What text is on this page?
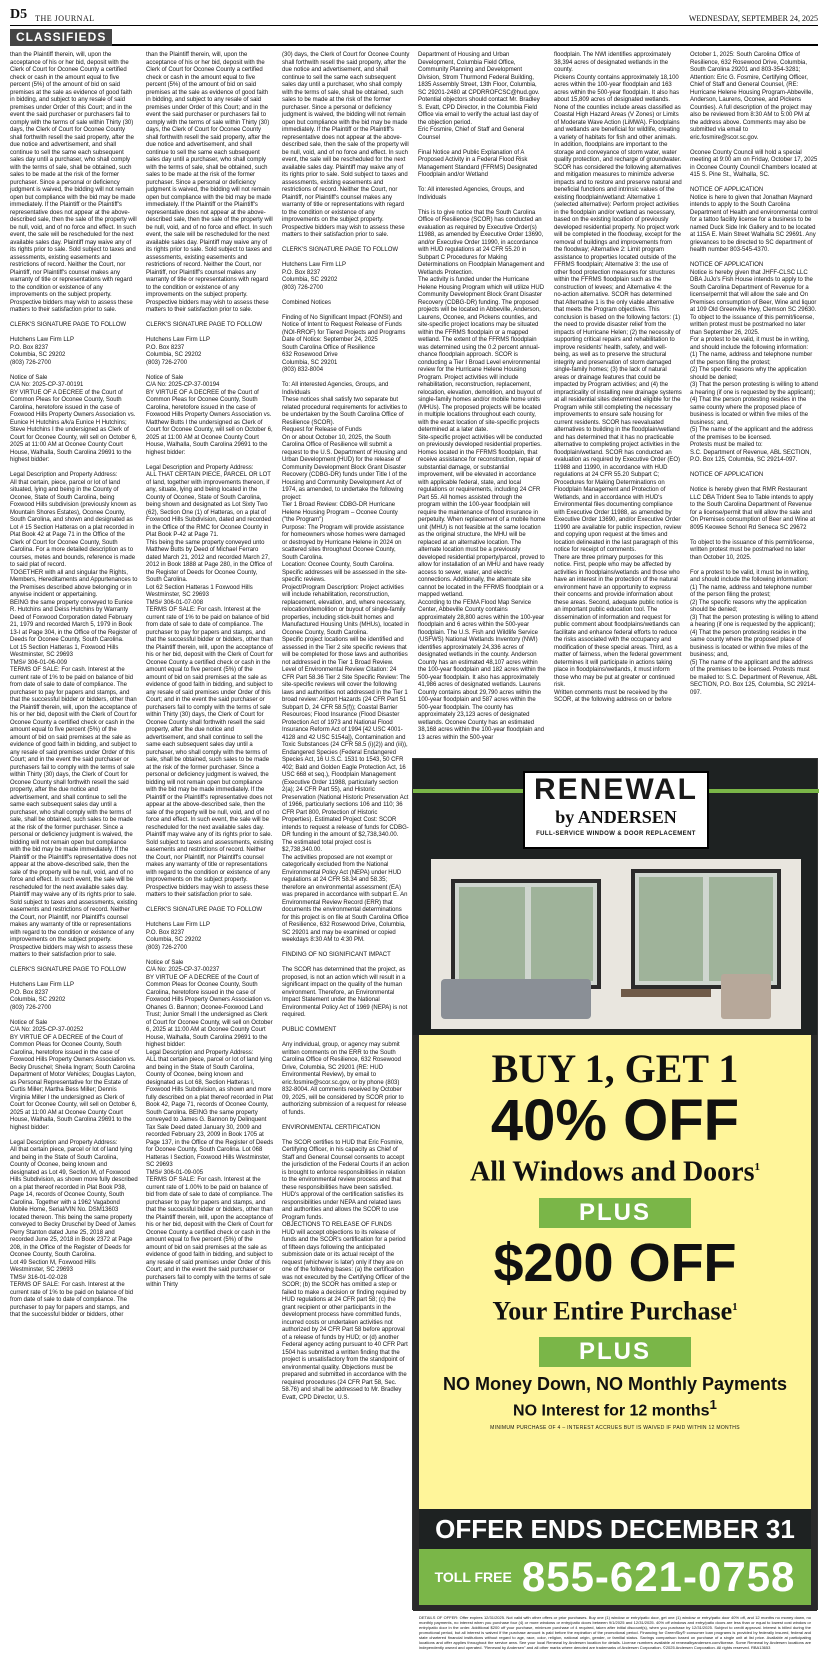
D5 THE JOURNAL	WEDNESDAY, SEPTEMBER 24, 2025
CLASSIFIEDS

than the Plaintiff therein, will, upon the acceptance of his or her bid, deposit with the Clerk of Court for Oconee County a certified check or cash in the amount equal to five percent (5%) of the amount of bid on said premises at the sale as evidence of good faith in bidding, and subject to any resale of said premises under Order of this Court; and in the event the said purchaser or purchasers fail to comply with the terms of sale within Thirty (30) days, the Clerk of Court for Oconee County shall forthwith resell the said property, after the due notice and advertisement, and shall continue to sell the same each subsequent sales day until a purchaser, who shall comply with the terms of sale, shall be obtained, such sales to be made at the risk of the former purchaser. Since a personal or deficiency judgment is waived, the bidding will not remain open but compliance with the bid may be made immediately. If the Plaintiff or the Plaintiff's representative does not appear at the above-described sale, then the sale of the property will be null, void, and of no force and effect. In such event, the sale will be rescheduled for the next available sales day. Plaintiff may waive any of its rights prior to sale. Sold subject to taxes and assessments, existing easements and restrictions of record. Neither the Court, nor Plaintiff, nor Plaintiff's counsel makes any warranty of title or representations with regard to the condition or existence of any improvements on the subject property. Prospective bidders may wish to assess these matters to their satisfaction prior to sale.

CLERK'S SIGNATURE PAGE TO FOLLOW

Hutchens Law Firm LLP
P.O. Box 8237
Columbia, SC 29202
(803) 726-2700

Notice of Sale
C/A No: 2025-CP-37-00191
BY VIRTUE OF A DECREE of the Court of Common Pleas for Oconee County, South Carolina, heretofore issued in the case of Foxwood Hills Property Owners Association vs. Eunice H Hutchins a/k/a Eunice H Hutchins; Steve Hutchins I the undersigned as Clerk of Court for Oconee County, will sell on October 6, 2025 at 11:00 AM at Oconee County Court House, Walhalla, South Carolina 29691 to the highest bidder:

Legal Description and Property Address:
All that certain, piece, parcel or lot of land situated, lying and being in the County of Oconee, State of South Carolina, being Foxwood Hills subdivision (previously known as Mountain Shores Estates), Oconee County, South Carolina, and shown and designated as Lot # 15 Section Hatteras on a plat recorded in Plat Book 42 at Page 71 in the Office of the Clerk of Court for Oconee County, South Carolina. For a more detailed description as to courses, metes and bounds, reference is made to said plat of record.
TOGETHER with all and singular the Rights, Members, Hereditaments and Appurtenances to the Premises described above belonging or in anywise incident or appertaining.
BEING the same property conveyed to Eunice R. Hutchins and Deiss Hutchins by Warranty Deed of Foxwood Corporation dated February 21, 1979 and recorded March 5, 1979 in Book 13-I at Page 304, in the Office of the Register of Deeds for Oconee County, South Carolina.
Lot 15 Section Hatteras 1, Foxwood Hills
Westminster, SC 29693
TMS# 306-01-06-009
TERMS OF SALE: For cash. Interest at the current rate of 1% to be paid on balance of bid from date of sale to date of compliance. The purchaser to pay for papers and stamps, and that the successful bidder or bidders, other than the Plaintiff therein, will, upon the acceptance of his or her bid, deposit with the Clerk of Court for Oconee County a certified check or cash in the amount equal to five percent (5%) of the amount of bid on said premises at the sale as evidence of good faith in bidding, and subject to any resale of said premises under Order of this Court; and in the event the said purchaser or purchasers fail to comply with the terms of sale within Thirty (30) days, the Clerk of Court for Oconee County shall forthwith resell the said property, after the due notice and advertisement, and shall continue to sell the same each subsequent sales day until a purchaser, who shall comply with the terms of sale, shall be obtained, such sales to be made at the risk of the former purchaser. Since a personal or deficiency judgment is waived, the bidding will not remain open but compliance with the bid may be made immediately. If the Plaintiff or the Plaintiff's representative does not appear at the above-described sale, then the sale of the property will be null, void, and of no force and effect. In such event, the sale will be rescheduled for the next available sales day. Plaintiff may waive any of its rights prior to sale. Sold subject to taxes and assessments, existing easements and restrictions of record. Neither the Court, nor Plaintiff, nor Plaintiff's counsel makes any warranty of title or representations with regard to the condition or existence of any improvements on the subject property. Prospective bidders may wish to assess these matters to their satisfaction prior to sale.

CLERK'S SIGNATURE PAGE TO FOLLOW

Hutchens Law Firm LLP
P.O. Box 8237
Columbia, SC 29202
(803) 726-2700

Notice of Sale
C/A No: 2025-CP-37-00252
BY VIRTUE OF A DECREE of the Court of Common Pleas for Oconee County, South Carolina, heretofore issued in the case of Foxwood Hills Property Owners Association vs. Becky Druschel; Sheila Ingram; South Carolina Department of Motor Vehicles; Douglas Layton, as Personal Representative for the Estate of Curtis Miller; Martha Bess Miller; Dennis Virginia Miller I the undersigned as Clerk of Court for Oconee County, will sell on October 6, 2025 at 11:00 AM at Oconee County Court House, Walhalla, South Carolina 29691 to the highest bidder:

Legal Description and Property Address:
All that certain piece, parcel or lot of land lying and being in the State of South Carolina, County of Oconee, being known and designated as Lot 49, Section M, of Foxwood Hills Subdivision, as shown more fully described on a plat thereof recorded in Plat Book P38, Page 14, records of Oconee County, South Carolina. Together with a 1962 Vagabond Mobile Home, Serial/VIN No. DSM13603 located thereon. This being the same property conveyed to Becky Druschel by Deed of James Perry Stanton dated June 25, 2018 and recorded June 25, 2018 in Book 2372 at Page 208, in the Office of the Register of Deeds for Oconee County, South Carolina.
Lot 49 Section M, Foxwood Hills
Westminster, SC 29693
TMS# 316-01-02-028
TERMS OF SALE: For cash. Interest at the current rate of 1% to be paid on balance of bid from date of sale to date of compliance. The purchaser to pay for papers and stamps, and that the successful bidder or bidders, other

than the Plaintiff therein, will, upon the acceptance of his or her bid, deposit with the Clerk of Court for Oconee County a certified check or cash in the amount equal to five percent (5%) of the amount of bid on said premises at the sale as evidence of good faith in bidding, and subject to any resale of said premises under Order of this Court; and in the event the said purchaser or purchasers fail to comply with the terms of sale within Thirty (30) days, the Clerk of Court for Oconee County shall forthwith resell the said property, after the due notice and advertisement, and shall continue to sell the same each subsequent sales day until a purchaser, who shall comply with the terms of sale, shall be obtained, such sales to be made at the risk of the former purchaser. Since a personal or deficiency judgment is waived, the bidding will not remain open but compliance with the bid may be made immediately. If the Plaintiff or the Plaintiff's representative does not appear at the above-described sale, then the sale of the property will be null, void, and of no force and effect. In such event, the sale will be rescheduled for the next available sales day. Plaintiff may waive any of its rights prior to sale. Sold subject to taxes and assessments, existing easements and restrictions of record. Neither the Court, nor Plaintiff, nor Plaintiff's counsel makes any warranty of title or representations with regard to the condition or existence of any improvements on the subject property. Prospective bidders may wish to assess these matters to their satisfaction prior to sale.

CLERK'S SIGNATURE PAGE TO FOLLOW

Hutchens Law Firm LLP
P.O. Box 8237
Columbia, SC 29202
(803) 726-2700

Notice of Sale
C/A No: 2025-CP-37-00194
BY VIRTUE OF A DECREE of the Court of Common Pleas for Oconee County, South Carolina, heretofore issued in the case of Foxwood Hills Property Owners Association vs. Matthew Butts I the undersigned as Clerk of Court for Oconee County, will sell on October 6, 2025 at 11:00 AM at Oconee County Court House, Walhalla, South Carolina 29691 to the highest bidder:

Legal Description and Property Address:
ALL THAT CERTAIN PIECE, PARCEL OR LOT of land, together with improvements thereon, if any, situate, lying and being located in the County of Oconee, State of South Carolina, being shown and designated as Lot Sixty Two (62), Section One (1) of Hatteras, on a plat of Foxwood Hills Subdivision, dated and recorded in the Office of the RMC for Oconee County in Plat Book P-42 at Page 71.
This being the same property conveyed unto Matthew Butts by Deed of Michael Ferraro dated March 21, 2012 and recorded March 27, 2012 in Book 1888 at Page 280, in the Office of the Register of Deeds for Oconee County, South Carolina.
Lot 62 Section Hatteras 1 Foxwood Hills
Westminster, SC 29693
TMS# 306-01-07-008
TERMS OF SALE: For cash. Interest at the current rate of 1% to be paid on balance of bid from date of sale to date of compliance. The purchaser to pay for papers and stamps, and that the successful bidder or bidders, other than the Plaintiff therein, will, upon the acceptance of his or her bid, deposit with the Clerk of Court for Oconee County a certified check or cash in the amount equal to five percent (5%) of the amount of bid on said premises at the sale as evidence of good faith in bidding, and subject to any resale of said premises under Order of this Court; and in the event the said purchaser or purchasers fail to comply with the terms of sale within Thirty (30) days, the Clerk of Court for Oconee County shall forthwith resell the said property, after the due notice and advertisement, and shall continue to sell the same each subsequent sales day until a purchaser, who shall comply with the terms of sale, shall be obtained, such sales to be made at the risk of the former purchaser. Since a personal or deficiency judgment is waived, the bidding will not remain open but compliance with the bid may be made immediately. If the Plaintiff or the Plaintiff's representative does not appear at the above-described sale, then the sale of the property will be null, void, and of no force and effect. In such event, the sale will be rescheduled for the next available sales day. Plaintiff may waive any of its rights prior to sale. Sold subject to taxes and assessments, existing easements and restrictions of record. Neither the Court, nor Plaintiff, nor Plaintiff's counsel makes any warranty of title or representations with regard to the condition or existence of any improvements on the subject property. Prospective bidders may wish to assess these matters to their satisfaction prior to sale.

CLERK'S SIGNATURE PAGE TO FOLLOW

Hutchens Law Firm LLP
P.O. Box 8237
Columbia, SC 29202
(803) 726-2700

Notice of Sale
C/A No: 2025-CP-37-00237
BY VIRTUE OF A DECREE of the Court of Common Pleas for Oconee County, South Carolina, heretofore issued in the case of Foxwood Hills Property Owners Association vs. Ohanes G. Bannon; Oconee-Foxwood Land Trust; Junior Small I the undersigned as Clerk of Court for Oconee County, will sell on October 6, 2025 at 11:00 AM at Oconee County Court House, Walhalla, South Carolina 29691 to the highest bidder:
Legal Description and Property Address:
ALL that certain piece, parcel or lot of land lying and being in the State of South Carolina, County of Oconee, being known and designated as Lot 68, Section Hatteras I, Foxwood Hills Subdivision, as shown and more fully described on a plat thereof recorded in Plat Book 42, Page 71, records of Oconee County, South Carolina. BEING the same property conveyed to James G. Bannon by Delinquent Tax Sale Deed dated January 30, 2009 and recorded February 23, 2009 in Book 1705 at Page 137, in the Office of the Register of Deeds for Oconee County, South Carolina. Lot 068 Hatteras I Section, Foxwood Hills Westminster, SC 29693
TMS# 306-01-09-005
TERMS OF SALE: For cash. Interest at the current rate of 1.00% to be paid on balance of bid from date of sale to date of compliance. The purchaser to pay for papers and stamps, and that the successful bidder or bidders, other than the Plaintiff therein, will, upon the acceptance of his or her bid, deposit with the Clerk of Court for Oconee County a certified check or cash in the amount equal to five percent (5%) of the amount of bid on said premises at the sale as evidence of good faith in bidding, and subject to any resale of said premises under Order of this Court; and in the event the said purchaser or purchasers fail to comply with the terms of sale within Thirty

(30) days, the Clerk of Court for Oconee County shall forthwith resell the said property, after the due notice and advertisement, and shall continue to sell the same each subsequent sales day until a purchaser, who shall comply with the terms of sale, shall be obtained, such sales to be made at the risk of the former purchaser. Since a personal or deficiency judgment is waived, the bidding will not remain open but compliance with the bid may be made immediately. If the Plaintiff or the Plaintiff's representative does not appear at the above-described sale, then the sale of the property will be null, void, and of no force and effect. In such event, the sale will be rescheduled for the next available sales day. Plaintiff may waive any of its rights prior to sale. Sold subject to taxes and assessments, existing easements and restrictions of record. Neither the Court, nor Plaintiff, nor Plaintiff's counsel makes any warranty of title or representations with regard to the condition or existence of any improvements on the subject property. Prospective bidders may wish to assess these matters to their satisfaction prior to sale.

CLERK'S SIGNATURE PAGE TO FOLLOW

Hutchens Law Firm LLP
P.O. Box 8237
Columbia, SC 29202
(803) 726-2700

Combined Notices

Finding of No Significant Impact (FONSI) and Notice of Intent to Request Release of Funds (NOI-RROF) for Tiered Projects and Programs
Date of Notice: September 24, 2025
South Carolina Office of Resilience
632 Rosewood Drive
Columbia, SC 29201
(803) 832-8004

To: All interested Agencies, Groups, and Individuals
These notices shall satisfy two separate but related procedural requirements for activities to be undertaken by the South Carolina Office of Resilience (SCOR).
Request for Release of Funds
On or about October 10, 2025, the South Carolina Office of Resilience will submit a request to the U.S. Department of Housing and Urban Development (HUD) for the release of Community Development Block Grant Disaster Recovery (CDBG-DR) funds under Title I of the Housing and Community Development Act of 1974, as amended, to undertake the following project:
Tier 1 Broad Review: CDBG-DR Hurricane Helene Housing Program – Oconee County ("the Program")
Purpose: The Program will provide assistance for homeowners whose homes were damaged or destroyed by Hurricane Helene in 2024 on scattered sites throughout Oconee County, South Carolina.
Location: Oconee County, South Carolina. Specific addresses will be assessed in the site-specific reviews.
Project/Program Description: Project activities will include rehabilitation, reconstruction, replacement, elevation, and, where necessary, relocation/demolition or buyout of single-family properties, including stick-built homes and Manufactured Housing Units (MHUs), located in Oconee County, South Carolina.
Specific project locations will be identified and assessed in the Tier 2 site specific reviews that will be completed for those laws and authorities not addressed in the Tier 1 Broad Review.
Level of Environmental Review Citation: 24 CFR Part 58.36 Tier 2 Site Specific Review: The site-specific reviews will cover the following laws and authorities not addressed in the Tier 1 broad review: Airport Hazards (24 CFR Part 51 Subpart D, 24 CFR 58.5(f)); Coastal Barrier Resources; Flood Insurance (Flood Disaster Protection Act of 1973 and National Flood Insurance Reform Act of 1994 [42 USC 4001-4128 and 42 USC 5154a]), Contamination and Toxic Substances (24 CFR 58.5 (i)(2)) and (iii)), Endangered Species (Federal Endangered Species Act, 16 U.S.C. 1531 to 1543, 50 CFR 402; Bald and Golden Eagle Protection Act, 16 USC 668 et seq.), Floodplain Management (Executive Order 11988, particularly section 2(a); 24 CFR Part 55), and Historic Preservation (National Historic Preservation Act of 1966, particularly sections 106 and 110; 36 CFR Part 800, Protection of Historic Properties). Estimated Project Cost: SCOR intends to request a release of funds for CDBG-DR funding in the amount of $2,738,340.00. The estimated total project cost is $2,738,340.00.
The activities proposed are not exempt or categorically excluded from the National Environmental Policy Act (NEPA) under HUD regulations at 24 CFR 58.34 and 58.35; therefore an environmental assessment (EA) was prepared in accordance with subpart E. An Environmental Review Record (ERR) that documents the environmental determinations for this project is on file at South Carolina Office of Resilience, 632 Rosewood Drive, Columbia, SC 29201 and may be examined or copied weekdays 8:30 AM to 4:30 PM.

FINDING OF NO SIGNIFICANT IMPACT

The SCOR has determined that the project, as proposed, is not an action which will result in a significant impact on the quality of the human environment. Therefore, an Environmental Impact Statement under the National Environmental Policy Act of 1969 (NEPA) is not required.

PUBLIC COMMENT

Any individual, group, or agency may submit written comments on the ERR to the South Carolina Office of Resilience, 632 Rosewood Drive, Columbia, SC 29201 (RE: HUD Environmental Review), by email to eric.fosmire@scor.sc.gov, or by phone (803) 832-8004. All comments received by October 09, 2025, will be considered by SCOR prior to authorizing submission of a request for release of funds.

ENVIRONMENTAL CERTIFICATION

The SCOR certifies to HUD that Eric Fosmire, Certifying Officer, in his capacity as Chief of Staff and General Counsel consents to accept the jurisdiction of the Federal Courts if an action is brought to enforce responsibilities in relation to the environmental review process and that these responsibilities have been satisfied. HUD's approval of the certification satisfies its responsibilities under NEPA and related laws and authorities and allows the SCOR to use Program funds.
OBJECTIONS TO RELEASE OF FUNDS
HUD will accept objections to its release of funds and the SCOR's certification for a period of fifteen days following the anticipated submission date or its actual receipt of the request (whichever is later) only if they are on one of the following bases: (a) the certification was not executed by the Certifying Officer of the SCOR; (b) the SCOR has omitted a step or failed to make a decision or finding required by HUD regulations at 24 CFR part 58; (c) the grant recipient or other participants in the development process have committed funds, incurred costs or undertaken activities not authorized by 24 CFR Part 58 before approval of a release of funds by HUD; or (d) another Federal agency acting pursuant to 40 CFR Part 1504 has submitted a written finding that the project is unsatisfactory from the standpoint of environmental quality. Objections must be prepared and submitted in accordance with the required procedures (24 CFR Part 58, Sec. 58.76) and shall be addressed to Mr. Bradley Evatt, CPD Director, U.S.

Department of Housing and Urban Development, Columbia Field Office, Community Planning and Development Division, Strom Thurmond Federal Building, 1835 Assembly Street, 13th Floor, Columbia, SC 29201-2480 at CPDRROFCSC@hud.gov. Potential objectors should contact Mr. Bradley S. Evatt, CPD Director, in the Columbia Field Office via email to verify the actual last day of the objection period.
Eric Fosmire, Chief of Staff and General Counsel

Final Notice and Public Explanation of A Proposed Activity in a Federal Flood Risk Management Standard (FFRMS) Designated Floodplain and/or Wetland

To: All interested Agencies, Groups, and Individuals

This is to give notice that the South Carolina Office of Resilience (SCOR) has conducted an evaluation as required by Executive Order(s) 11988, as amended by Executive Order 13690, and/or Executive Order 11990, in accordance with HUD regulations at 24 CFR 55.20 in Subpart C Procedures for Making Determinations on Floodplain Management and Wetlands Protection.
The activity is funded under the Hurricane Helene Housing Program which will utilize HUD Community Development Block Grant Disaster Recovery (CDBG-DR) funding. The proposed projects will be located in Abbeville, Anderson, Laurens, Oconee, and Pickens counties, and site-specific project locations may be situated within the FFRMS floodplain or a mapped wetland. The extent of the FFRMS floodplain was determined using the 0.2 percent annual-chance floodplain approach. SCOR is conducting a Tier I Broad Level environmental review for the Hurricane Helene Housing Program. Project activities will include rehabilitation, reconstruction, replacement, relocation, elevation, demolition, and buyout of single-family homes and/or mobile home units (MHUs). The proposed projects will be located in multiple locations throughout each county, with the exact location of site-specific projects determined at a later date.
Site-specific project activities will be conducted on previously developed residential properties. Homes located in the FFRMS floodplain, that receive assistance for reconstruction, repair of substantial damage, or substantial improvement, will be elevated in accordance with applicable federal, state, and local regulations or requirements, including 24 CFR Part 55. All homes assisted through the program within the 100-year floodplain will require the maintenance of flood insurance in perpetuity. When replacement of a mobile home unit (MHU) is not feasible at the same location as the original structure, the MHU will be replaced at an alternative location. The alternate location must be a previously developed residential property/parcel, proved to allow for installation of an MHU and have ready access to sewer, water, and electric connections. Additionally, the alternate site cannot be located in the FFRMS floodplain or a mapped wetland.
According to the FEMA Flood Map Service Center, Abbeville County contains approximately 28,800 acres within the 100-year floodplain and 6 acres within the 500-year floodplain. The U.S. Fish and Wildlife Service (USFWS) National Wetlands Inventory (NWI) identifies approximately 24,336 acres of designated wetlands in the county. Anderson County has an estimated 48,107 acres within the 100-year floodplain and 182 acres within the 500-year floodplain. It also has approximately 41,986 acres of designated wetlands. Laurens County contains about 29,790 acres within the 100-year floodplain and 587 acres within the 500-year floodplain. The county has approximately 23,123 acres of designated wetlands. Oconee County has an estimated 38,168 acres within the 100-year floodplain and 13 acres within the 500-year

floodplain. The NWI identifies approximately 38,394 acres of designated wetlands in the county.
Pickens County contains approximately 18,100 acres within the 100-year floodplain and 163 acres within the 500-year floodplain. It also has about 15,809 acres of designated wetlands.
None of the counties include areas classified as Coastal High Hazard Areas (V Zones) or Limits of Moderate Wave Action (LiMWA). Floodplains and wetlands are beneficial for wildlife, creating a variety of habitats for fish and other animals. In addition, floodplains are important to the storage and conveyance of storm water, water quality protection, and recharge of groundwater.
SCOR has considered the following alternatives and mitigation measures to minimize adverse impacts and to restore and preserve natural and beneficial functions and intrinsic values of the existing floodplain/wetland: Alternative 1 (selected alternative): Perform project activities in the floodplain and/or wetland as necessary, based on the existing location of previously developed residential property. No project work will be completed in the floodway, except for the removal of buildings and improvements from the floodway; Alternative 2: Limit program assistance to properties located outside of the FFRMS floodplain; Alternative 3: the use of other flood protection measures for structures within the FFRMS floodplain such as the construction of levees; and Alternative 4: the no-action alternative. SCOR has determined that Alternative 1 is the only viable alternative that meets the Program objectives. This conclusion is based on the following factors: (1) the need to provide disaster relief from the impacts of Hurricane Helen; (2) the necessity of supporting critical repairs and rehabilitation to improve residents' health, safety, and well-being, as well as to preserve the structural integrity and preservation of storm damaged single-family homes; (3) the lack of natural areas or drainage features that could be impacted by Program activities; and (4) the impracticality of installing new drainage systems at all residential sites determined eligible for the Program while still completing the necessary improvements to ensure safe housing for current residents. SCOR has reevaluated alternatives to building in the floodplain/wetland and has determined that it has no practicable alternative to completing project activities in the floodplain/wetland. SCOR has conducted an evaluation as required by Executive Order (EO) 11988 and 11990, in accordance with HUD regulations at 24 CFR 55.20 Subpart C; Procedures for Making Determinations on Floodplain Management and Protection of Wetlands, and in accordance with HUD's Environmental files documenting compliance with Executive Order 11988, as amended by Executive Order 13690, and/or Executive Order 11990 are available for public inspection, review and copying upon request at the times and location delineated in the last paragraph of this notice for receipt of comments.
There are three primary purposes for this notice. First, people who may be affected by activities in floodplains/wetlands and those who have an interest in the protection of the natural environment have an opportunity to express their concerns and provide information about these areas. Second, adequate public notice is an important public education tool. The dissemination of information and request for public comment about floodplains/wetlands can facilitate and enhance federal efforts to reduce the risks associated with the occupancy and modification of these special areas. Third, as a matter of fairness, when the federal government determines it will participate in actions taking place in floodplains/wetlands, it must inform those who may be put at greater or continued risk.
Written comments must be received by the SCOR, at the following address on or before

October 1, 2025: South Carolina Office of Resilience, 632 Rosewood Drive, Columbia, South Carolina 29201 and 803-354-3281; Attention: Eric G. Fosmire, Certifying Officer, Chief of Staff and General Counsel, (RE: Hurricane Helene Housing Program-Abbeville, Anderson, Laurens, Oconee, and Pickens Counties). A full description of the project may also be reviewed from 8:30 AM to 5:00 PM at the address above. Comments may also be submitted via email to eric.fosmire@scor.sc.gov.

Oconee County Council will hold a special meeting at 9:00 am on Friday, October 17, 2025 in Oconee County Council Chambers located at 415 S. Pine St., Walhalla, SC.

NOTICE OF APPLICATION
Notice is here to given that Jonathan Maynard intends to apply to the South Carolina Department of Health and environmental control for a tattoo facility license for a business to be named Duck Side Ink Gallery and to be located at 115A E. Main Street Walhalla SC 29691. Any grievances to be directed to SC department of health number 803-545-4370.

NOTICE OF APPLICATION
Notice is hereby given that JHFF-CLSC LLC DBA JuJo's Fish House intends to apply to the South Carolina Department of Revenue for a license/permit that will allow the sale and On Premises consumption of Beer, Wine and liquor at 109 Old Greenville Hwy, Clemson SC 29630. To object to the issuance of this permit/license, written protest must be postmarked no later than September 26, 2025.
For a protest to be valid, it must be in writing, and should include the following information:
(1) The name, address and telephone number of the person filing the protest;
(2) The specific reasons why the application should be denied;
(3) That the person protesting is willing to attend a hearing (if one is requested by the applicant);
(4) That the person protesting resides in the same county where the proposed place of business is located or within five miles of the business; and,
(5) The name of the applicant and the address of the premises to be licensed.
Protests must be mailed to:
S.C. Department of Revenue, ABL SECTION, P.O. Box 125, Columbia, SC 29214-097.

NOTICE OF APPLICATION

Notice is hereby given that RMR Restaurant LLC DBA Trident Sea to Table intends to apply to the South Carolina Department of Revenue for a license/permit that will allow the sale and On Premises consumption of Beer and Wine at 8095 Keowee School Rd Seneca SC 29672

To object to the issuance of this permit/license, written protest must be postmarked no later than October 10, 2025.

For a protest to be valid, it must be in writing, and should include the following information:
(1) The name, address and telephone number of the person filing the protest;
(2) The specific reasons why the application should be denied;
(3) That the person protesting is willing to attend a hearing (if one is requested by the applicant);
(4) That the person protesting resides in the same county where the proposed place of business is located or within five miles of the business; and,
(5) The name of the applicant and the address of the premises to be licensed. Protests must be mailed to: S.C. Department of Revenue, ABL SECTION, P.O. Box 125, Columbia, SC 29214-097.

RENEWAL
by ANDERSEN
FULL-SERVICE WINDOW & DOOR REPLACEMENT
BUY 1, GET 1
40% OFF
All Windows and Doors$^1$
PLUS
$200 OFF
Your Entire Purchase$^1$
PLUS
NO Money Down, NO Monthly Payments
NO Interest for 12 months$^1$
MINIMUM PURCHASE OF 4 – INTEREST ACCRUES BUT IS WAIVED IF PAID WITHIN 12 MONTHS
OFFER ENDS DECEMBER 31
TOLL FREE 855-621-0758
DETAILS OF OFFER: Offer expires 12/31/2025. Not valid with other offers or prior purchases. Buy one (1) window or entry/patio door, get one (1) window or entry/patio door 40% off, and 12 months no money down, no monthly payments, no interest when you purchase four (4) or more windows or entry/patio doors between 9/1/2025 and 12/31/2025. 40% off windows and entry/patio doors are less than or equal to lowest cost window or entry/patio door in the order. Additional $200 off your purchase, minimum purchase of 4 required, taken after initial discount(s), when you purchase by 12/31/2025. Subject to credit approval. Interest is billed during the promotional period, but all interest is waived if the purchase amount is paid before the expiration of the promotional period. Financing for GreenSky® consumer loan programs is provided by federally insured, federal and state chartered financial institutions without regard to age, race, color, religion, national origin, gender, or familial status. Savings comparison based on purchase of a single unit at list price. Available at participating locations and offer applies throughout the service area. See your local Renewal by Andersen location for details. License numbers available at renewalbyandersen.com/license. Some Renewal by Andersen locations are independently owned and operated. "Renewal by Andersen" and all other marks where denoted are trademarks of Andersen Corporation. ©2025 Andersen Corporation. All rights reserved. RBA13653
